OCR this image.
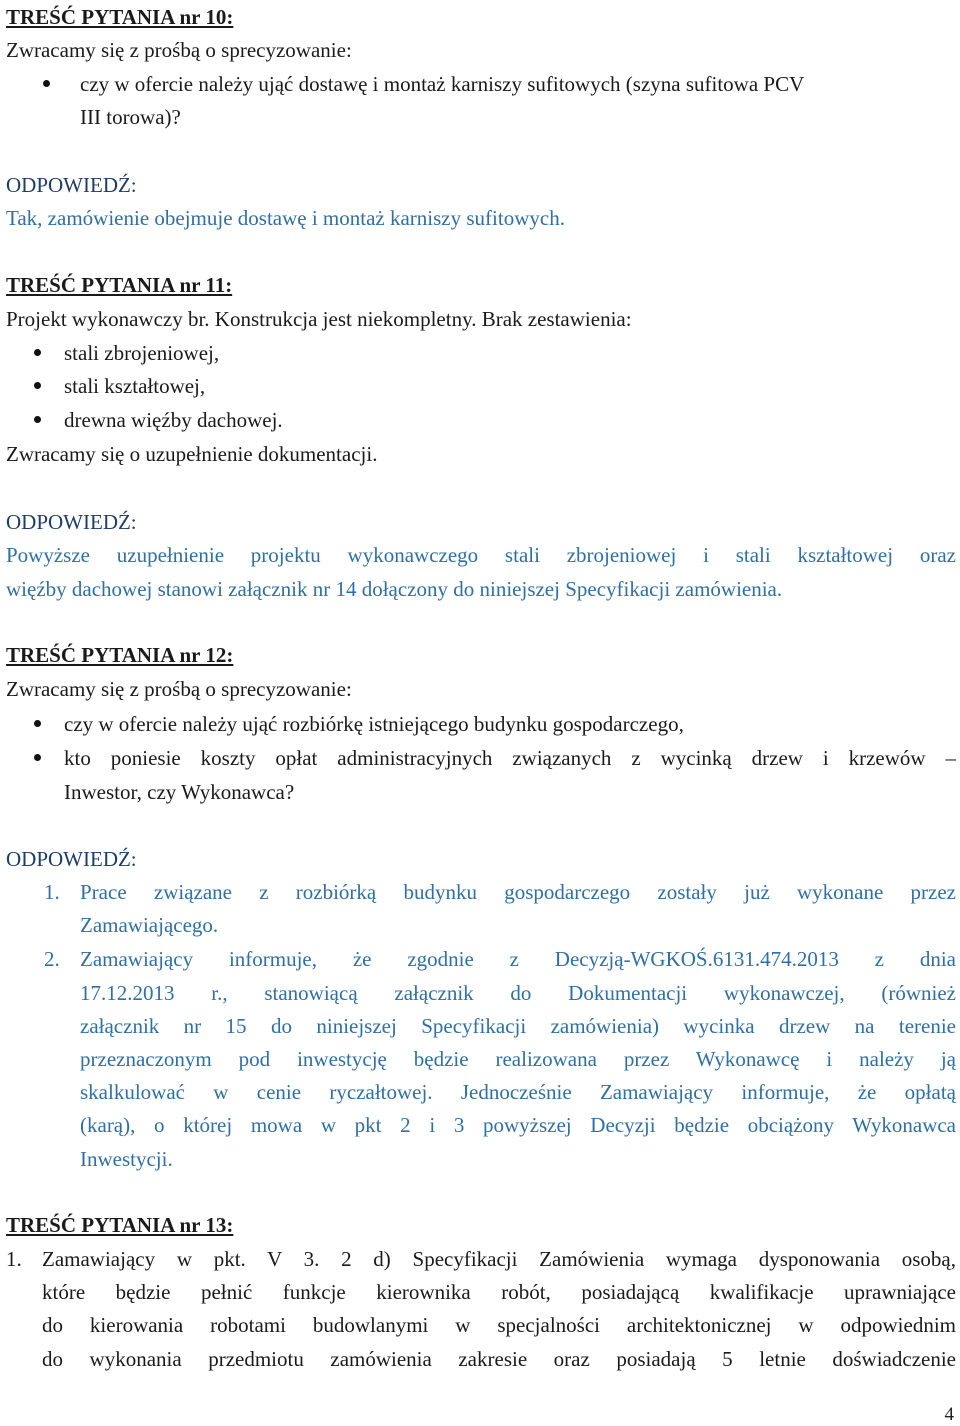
TREŚĆ PYTANIA nr 10:
Zwracamy się z prośbą o sprecyzowanie:
czy w ofercie należy ująć dostawę i montaż karniszy sufitowych (szyna sufitowa PCV
III torowa)?
ODPOWIEDŹ:
Tak, zamówienie obejmuje dostawę i montaż karniszy sufitowych.
TREŚĆ PYTANIA nr 11:
Projekt wykonawczy br. Konstrukcja jest niekompletny. Brak zestawienia:
stali zbrojeniowej,
stali kształtowej,
drewna więźby dachowej.
Zwracamy się o uzupełnienie dokumentacji.
ODPOWIEDŹ:
Powyższe uzupełnienie projektu wykonawczego stali zbrojeniowej i stali kształtowej oraz
więźby dachowej stanowi załącznik nr 14 dołączony do niniejszej Specyfikacji zamówienia.
TREŚĆ PYTANIA nr 12:
Zwracamy się z prośbą o sprecyzowanie:
czy w ofercie należy ująć rozbiórkę istniejącego budynku gospodarczego,
kto poniesie koszty opłat administracyjnych związanych z wycinką drzew i krzewów –
Inwestor, czy Wykonawca?
ODPOWIEDŹ:
1. Prace związane z rozbiórką budynku gospodarczego zostały już wykonane przez
Zamawiającego.
2. Zamawiający informuje, że zgodnie z Decyzją-WGKOŚ.6131.474.2013 z dnia
17.12.2013 r., stanowiącą załącznik do Dokumentacji wykonawczej, (również
załącznik nr 15 do niniejszej Specyfikacji zamówienia) wycinka drzew na terenie
przeznaczonym pod inwestycję będzie realizowana przez Wykonawcę i należy ją
skalkulować w cenie ryczałtowej. Jednocześnie Zamawiający informuje, że opłatą
(karą), o której mowa w pkt 2 i 3 powyższej Decyzji będzie obciążony Wykonawca
Inwestycji.
TREŚĆ PYTANIA nr 13:
1. Zamawiający w pkt. V 3. 2 d) Specyfikacji Zamówienia wymaga dysponowania osobą,
które będzie pełnić funkcje kierownika robót, posiadającą kwalifikacje uprawniające
do kierowania robotami budowlanymi w specjalności architektonicznej w odpowiednim
do wykonania przedmiotu zamówienia zakresie oraz posiadają 5 letnie doświadczenie
4
